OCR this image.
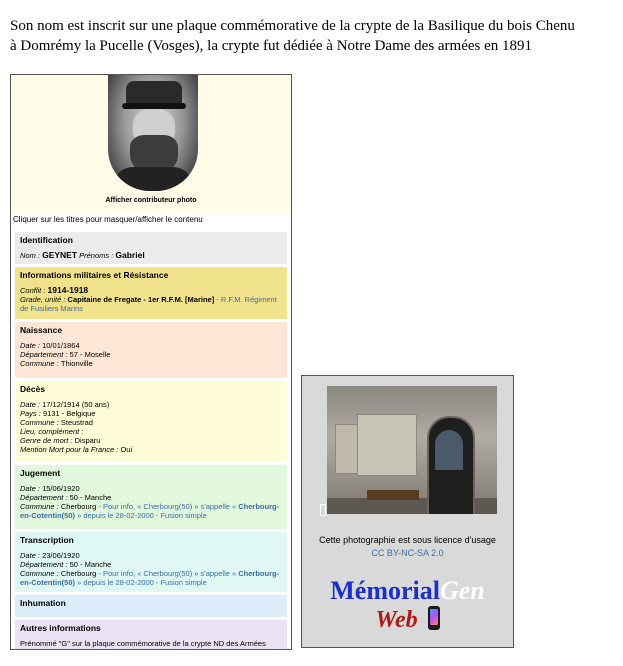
Son nom est inscrit sur une plaque commémorative de la crypte de la Basilique du bois Chenu
à Domrémy la Pucelle (Vosges), la crypte fut dédiée à Notre Dame des armées en 1891
Afficher contributeur photo
Cliquer sur les titres pour masquer/afficher le contenu
Identification
Nom : GEYNET Prénoms : Gabriel
Informations militaires et Résistance
Conflit : 1914-1918
Grade, unité : Capitaine de Fregate - 1er R.F.M. [Marine] - R.F.M. Régiment de Fusiliers Marins
Naissance
Date : 10/01/1864
Département : 57 - Moselle
Commune : Thionville
Décès
Date : 17/12/1914 (50 ans)
Pays : 9131 - Belgique
Commune : Steustrad
Lieu, complément :
Genre de mort : Disparu
Mention Mort pour la France : Oui
Jugement
Date : 15/06/1920
Département : 50 - Manche
Commune : Cherbourg - Pour info, « Cherbourg(50) » s'appelle « Cherbourg-en-Cotentin(50) » depuis le 28-02-2000 - Fusion simple
Transcription
Date : 23/06/1920
Département : 50 - Manche
Commune : Cherbourg - Pour info, « Cherbourg(50) » s'appelle « Cherbourg-en-Cotentin(50) » depuis le 28-02-2000 - Fusion simple
Inhumation
Autres informations
Prénommé "G" sur la plaque commémorative de la crypte ND des Armées
Cette photographie est sous licence d'usage
CC BY-NC-SA 2.0
MémorialGen
Web
